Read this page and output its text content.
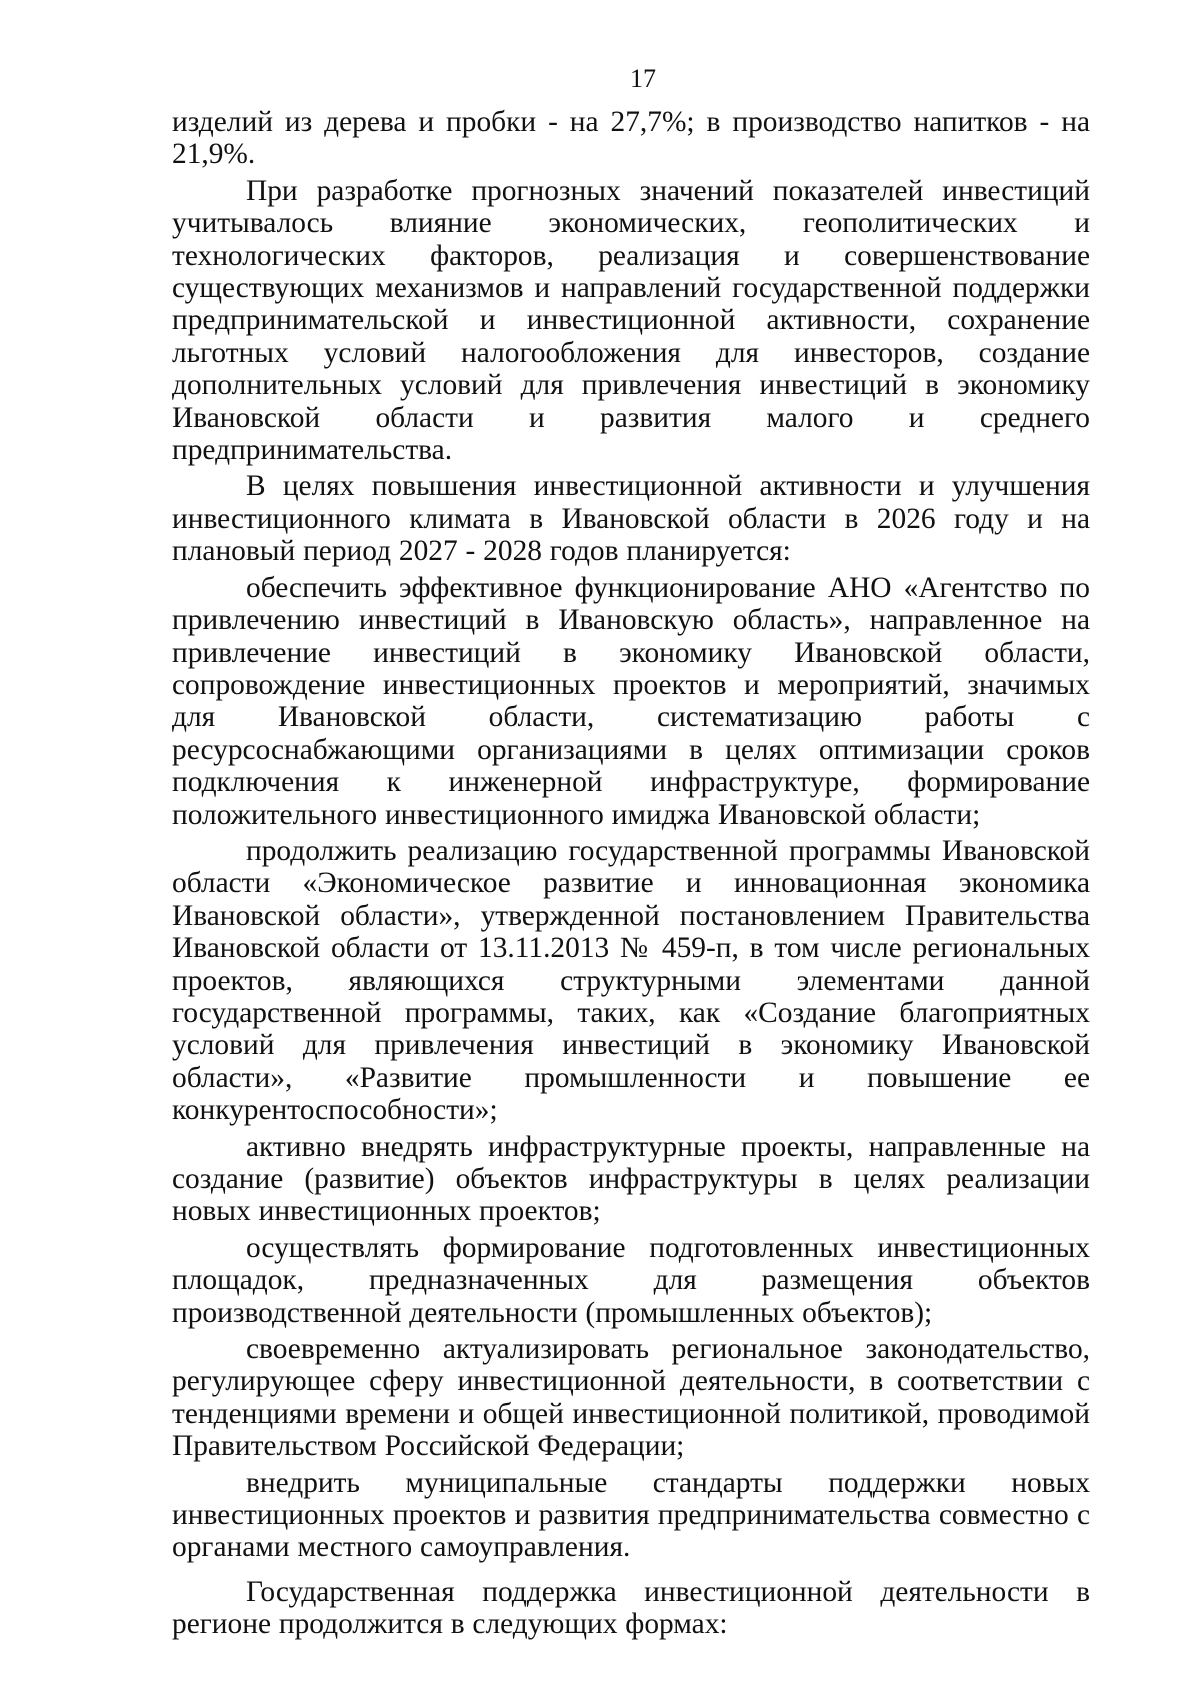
17

изделий из дерева и пробки - на 27,7%; в производство напитков - на 21,9%.

При разработке прогнозных значений показателей инвестиций учитывалось влияние экономических, геополитических и технологических факторов, реализация и совершенствование существующих механизмов и направлений государственной поддержки предпринимательской и инвестиционной активности, сохранение льготных условий налогообложения для инвесторов, создание дополнительных условий для привлечения инвестиций в экономику Ивановской области и развития малого и среднего предпринимательства.

В целях повышения инвестиционной активности и улучшения инвестиционного климата в Ивановской области в 2026 году и на плановый период 2027 - 2028 годов планируется:

обеспечить эффективное функционирование АНО «Агентство по привлечению инвестиций в Ивановскую область», направленное на привлечение инвестиций в экономику Ивановской области, сопровождение инвестиционных проектов и мероприятий, значимых для Ивановской области, систематизацию работы с ресурсоснабжающими организациями в целях оптимизации сроков подключения к инженерной инфраструктуре, формирование положительного инвестиционного имиджа Ивановской области;

продолжить реализацию государственной программы Ивановской области «Экономическое развитие и инновационная экономика Ивановской области», утвержденной постановлением Правительства Ивановской области от 13.11.2013 № 459-п, в том числе региональных проектов, являющихся структурными элементами данной государственной программы, таких, как «Создание благоприятных условий для привлечения инвестиций в экономику Ивановской области», «Развитие промышленности и повышение ее конкурентоспособности»;

активно внедрять инфраструктурные проекты, направленные на создание (развитие) объектов инфраструктуры в целях реализации новых инвестиционных проектов;

осуществлять формирование подготовленных инвестиционных площадок, предназначенных для размещения объектов производственной деятельности (промышленных объектов);

своевременно актуализировать региональное законодательство, регулирующее сферу инвестиционной деятельности, в соответствии с тенденциями времени и общей инвестиционной политикой, проводимой Правительством Российской Федерации;

внедрить муниципальные стандарты поддержки новых инвестиционных проектов и развития предпринимательства совместно с органами местного самоуправления.

Государственная поддержка инвестиционной деятельности в регионе продолжится в следующих формах:
